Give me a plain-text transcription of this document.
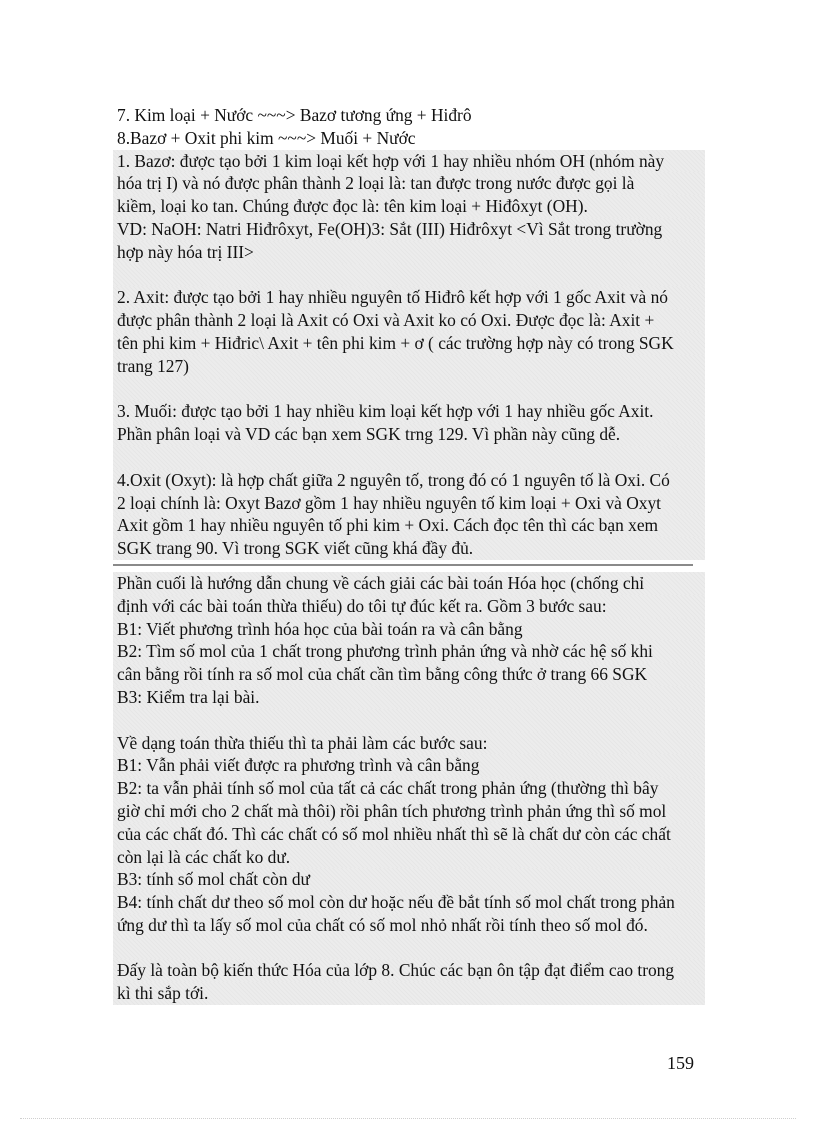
7. Kim loại + Nước ~~~> Bazơ tương ứng + Hiđrô
8.Bazơ + Oxit phi kim ~~~> Muối + Nước
1. Bazơ: được tạo bởi 1 kim loại kết hợp với 1 hay nhiều nhóm OH (nhóm này
hóa trị I) và nó được phân thành 2 loại là: tan được trong nước được gọi là
kiềm, loại ko tan. Chúng được đọc là: tên kim loại + Hiđôxyt (OH).
VD: NaOH: Natri Hiđrôxyt, Fe(OH)3: Sắt (III) Hiđrôxyt <Vì Sắt trong trường
hợp này hóa trị III>
2. Axit: được tạo bởi 1 hay nhiều nguyên tố Hiđrô kết hợp với 1 gốc Axit và nó
được phân thành 2 loại là Axit có Oxi và Axit ko có Oxi. Được đọc là: Axit +
tên phi kim + Hiđric\ Axit + tên phi kim + ơ ( các trường hợp này có trong SGK
trang 127)
3. Muối: được tạo bởi 1 hay nhiều kim loại kết hợp với 1 hay nhiều gốc Axit.
Phần phân loại và VD các bạn xem SGK trng 129. Vì phần này cũng dễ.
4.Oxit (Oxyt): là hợp chất giữa 2 nguyên tố, trong đó có 1 nguyên tố là Oxi. Có
2 loại chính là: Oxyt Bazơ gồm 1 hay nhiều nguyên tố kim loại + Oxi và Oxyt
Axit gồm 1 hay nhiều nguyên tố phi kim + Oxi. Cách đọc tên thì các bạn xem
SGK trang 90. Vì trong SGK viết cũng khá đầy đủ.
Phần cuối là hướng dẫn chung về cách giải các bài toán Hóa học (chống chỉ
định với các bài toán thừa thiếu) do tôi tự đúc kết ra. Gồm 3 bước sau:
B1: Viết phương trình hóa học của bài toán ra và cân bằng
B2: Tìm số mol của 1 chất trong phương trình phản ứng và nhờ các hệ số khi
cân bằng rồi tính ra số mol của chất cần tìm bằng công thức ở trang 66 SGK
B3: Kiểm tra lại bài.
Về dạng toán thừa thiếu thì ta phải làm các bước sau:
B1: Vẫn phải viết được ra phương trình và cân bằng
B2: ta vẫn phải tính số mol của tất cả các chất trong phản ứng (thường thì bây
giờ chỉ mới cho 2 chất mà thôi) rồi phân tích phương trình phản ứng thì số mol
của các chất đó. Thì các chất có số mol nhiều nhất thì sẽ là chất dư còn các chất
còn lại là các chất ko dư.
B3: tính số mol chất còn dư
B4: tính chất dư theo số mol còn dư hoặc nếu đề bắt tính số mol chất trong phản
ứng dư thì ta lấy số mol của chất có số mol nhỏ nhất rồi tính theo số mol đó.
Đấy là toàn bộ kiến thức Hóa của lớp 8. Chúc các bạn ôn tập đạt điểm cao trong
kì thi sắp tới.
159
